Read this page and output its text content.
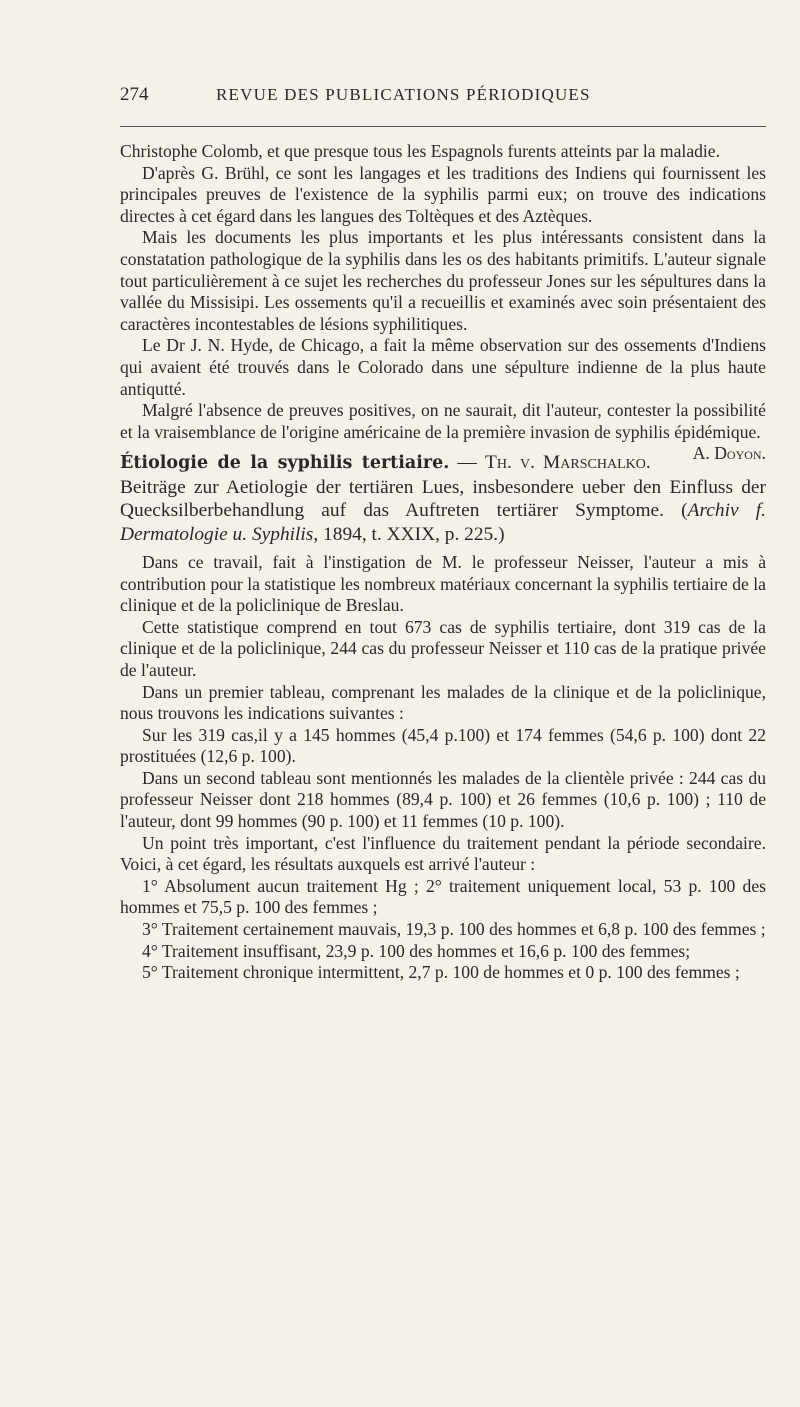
274	REVUE DES PUBLICATIONS PÉRIODIQUES

Christophe Colomb, et que presque tous les Espagnols furents atteints par la maladie.

D'après G. Brühl, ce sont les langages et les traditions des Indiens qui fournissent les principales preuves de l'existence de la syphilis parmi eux; on trouve des indications directes à cet égard dans les langues des Toltèques et des Aztèques.

Mais les documents les plus importants et les plus intéressants consistent dans la constatation pathologique de la syphilis dans les os des habitants primitifs. L'auteur signale tout particulièrement à ce sujet les recherches du professeur Jones sur les sépultures dans la vallée du Missisipi. Les ossements qu'il a recueillis et examinés avec soin présentaient des caractères incontestables de lésions syphilitiques.

Le Dr J. N. Hyde, de Chicago, a fait la même observation sur des ossements d'Indiens qui avaient été trouvés dans le Colorado dans une sépulture indienne de la plus haute antiqutté.

Malgré l'absence de preuves positives, on ne saurait, dit l'auteur, contester la possibilité et la vraisemblance de l'origine américaine de la première invasion de syphilis épidémique.
A. Doyon.

Étiologie de la syphilis tertiaire. — Th. v. Marschalko. Beiträge zur Aetiologie der tertiären Lues, insbesondere ueber den Einfluss der Quecksilberbehandlung auf das Auftreten tertiärer Symptome. (Archiv f. Dermatologie u. Syphilis, 1894, t. XXIX, p. 225.)

Dans ce travail, fait à l'instigation de M. le professeur Neisser, l'auteur a mis à contribution pour la statistique les nombreux matériaux concernant la syphilis tertiaire de la clinique et de la policlinique de Breslau.

Cette statistique comprend en tout 673 cas de syphilis tertiaire, dont 319 cas de la clinique et de la policlinique, 244 cas du professeur Neisser et 110 cas de la pratique privée de l'auteur.

Dans un premier tableau, comprenant les malades de la clinique et de la policlinique, nous trouvons les indications suivantes :

Sur les 319 cas,il y a 145 hommes (45,4 p.100) et 174 femmes (54,6 p. 100) dont 22 prostituées (12,6 p. 100).

Dans un second tableau sont mentionnés les malades de la clientèle privée : 244 cas du professeur Neisser dont 218 hommes (89,4 p. 100) et 26 femmes (10,6 p. 100) ; 110 de l'auteur, dont 99 hommes (90 p. 100) et 11 femmes (10 p. 100).

Un point très important, c'est l'influence du traitement pendant la période secondaire. Voici, à cet égard, les résultats auxquels est arrivé l'auteur :

1° Absolument aucun traitement Hg ; 2° traitement uniquement local, 53 p. 100 des hommes et 75,5 p. 100 des femmes ;

3° Traitement certainement mauvais, 19,3 p. 100 des hommes et 6,8 p. 100 des femmes ;

4° Traitement insuffisant, 23,9 p. 100 des hommes et 16,6 p. 100 des femmes;

5° Traitement chronique intermittent, 2,7 p. 100 de hommes et 0 p. 100 des femmes ;
